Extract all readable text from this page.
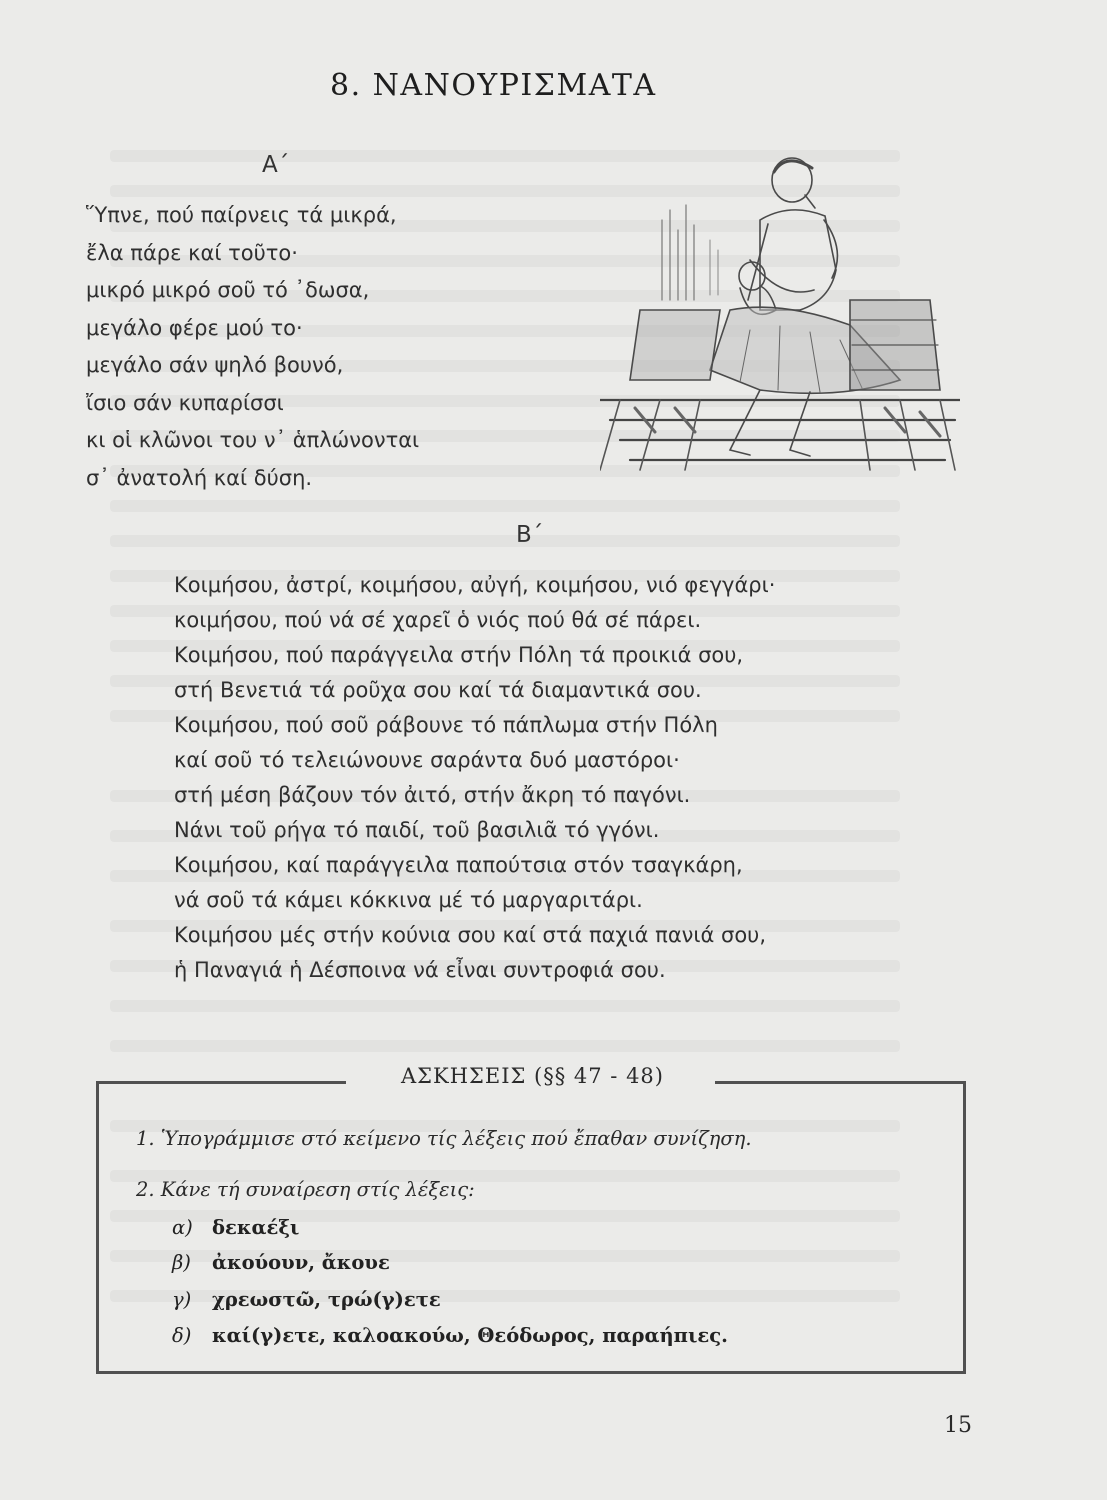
8. ΝΑΝΟΥΡΙΣΜΑΤΑ
Α΄
Ὕπνε, πού παίρνεις τά μικρά,
ἔλα πάρε καί τοῦτο·
μικρό μικρό σοῦ τό ᾽δωσα,
μεγάλο φέρε μού το·
μεγάλο σάν ψηλό βουνό,
ἴσιο σάν κυπαρίσσι
κι οἱ κλῶνοι του ν᾽ ἁπλώνονται
σ᾽ ἀνατολή καί δύση.
Β΄
Κοιμήσου, ἀστρί, κοιμήσου, αὐγή, κοιμήσου, νιό φεγγάρι·
κοιμήσου, πού νά σέ χαρεῖ ὁ νιός πού θά σέ πάρει.
Κοιμήσου, πού παράγγειλα στήν Πόλη τά προικιά σου,
στή Βενετιά τά ροῦχα σου καί τά διαμαντικά σου.
Κοιμήσου, πού σοῦ ράβουνε τό πάπλωμα στήν Πόλη
καί σοῦ τό τελειώνουνε σαράντα δυό μαστόροι·
στή μέση βάζουν τόν ἀιτό, στήν ἄκρη τό παγόνι.
Νάνι τοῦ ρήγα τό παιδί, τοῦ βασιλιᾶ τό γγόνι.
Κοιμήσου, καί παράγγειλα παπούτσια στόν τσαγκάρη,
νά σοῦ τά κάμει κόκκινα μέ τό μαργαριτάρι.
Κοιμήσου μές στήν κούνια σου καί στά παχιά πανιά σου,
ἡ Παναγιά ἡ Δέσποινα νά εἶναι συντροφιά σου.
ΑΣΚΗΣΕΙΣ (§§ 47 - 48)
1. Ὑπογράμμισε στό κείμενο τίς λέξεις πού ἔπαθαν συνίζηση.
2. Κάνε τή συναίρεση στίς λέξεις:
α) δεκαέξι
β) ἀκούουν, ἄκουε
γ) χρεωστῶ, τρώ(γ)ετε
δ) καί(γ)ετε, καλοακούω, Θεόδωρος, παραήπιες.
15
